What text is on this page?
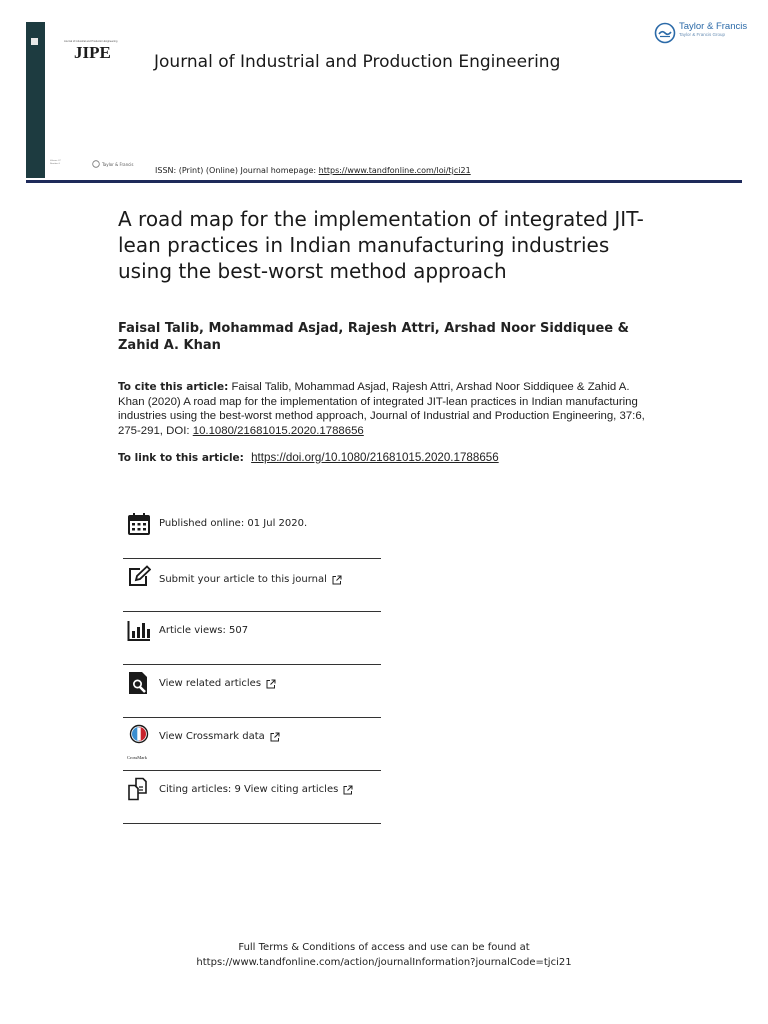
Journal of Industrial and Production Engineering
JIPE
Volume 37 Number 6	Taylor & Francis
Journal of Industrial and Production Engineering
Taylor & Francis
Taylor & Francis Group
ISSN: (Print) (Online) Journal homepage: https://www.tandfonline.com/loi/tjci21
A road map for the implementation of integrated JIT-lean practices in Indian manufacturing industries using the best-worst method approach
Faisal Talib, Mohammad Asjad, Rajesh Attri, Arshad Noor Siddiquee & Zahid A. Khan
To cite this article: Faisal Talib, Mohammad Asjad, Rajesh Attri, Arshad Noor Siddiquee & Zahid A. Khan (2020) A road map for the implementation of integrated JIT-lean practices in Indian manufacturing industries using the best-worst method approach, Journal of Industrial and Production Engineering, 37:6, 275-291, DOI: 10.1080/21681015.2020.1788656
To link to this article: https://doi.org/10.1080/21681015.2020.1788656
Published online: 01 Jul 2020.
Submit your article to this journal
Article views: 507
View related articles
CrossMark
View Crossmark data
Citing articles: 9 View citing articles
Full Terms & Conditions of access and use can be found at
https://www.tandfonline.com/action/journalInformation?journalCode=tjci21
